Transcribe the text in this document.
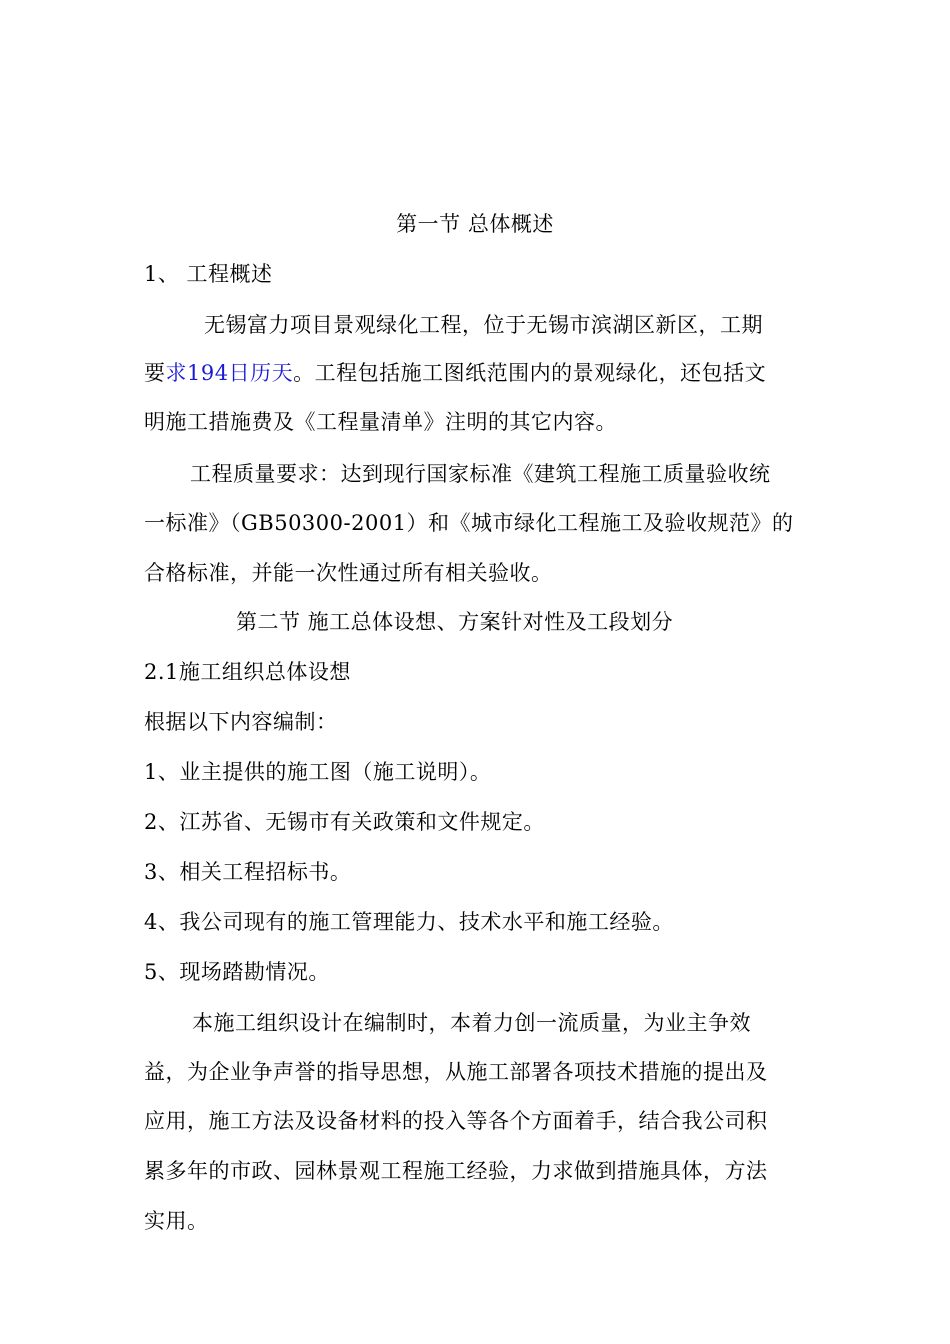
第一节 总体概述
1、 工程概述
无锡富力项目景观绿化工程，位于无锡市滨湖区新区，工期
要求194日历天。工程包括施工图纸范围内的景观绿化，还包括文
明施工措施费及《工程量清单》注明的其它内容。
工程质量要求：达到现行国家标准《建筑工程施工质量验收统
一标准》（GB50300-2001）和《城市绿化工程施工及验收规范》的
合格标准，并能一次性通过所有相关验收。
第二节 施工总体设想、方案针对性及工段划分
2.1施工组织总体设想
根据以下内容编制：
1、业主提供的施工图（施工说明）。
2、江苏省、无锡市有关政策和文件规定。
3、相关工程招标书。
4、我公司现有的施工管理能力、技术水平和施工经验。
5、现场踏勘情况。
本施工组织设计在编制时，本着力创一流质量，为业主争效
益，为企业争声誉的指导思想，从施工部署各项技术措施的提出及
应用，施工方法及设备材料的投入等各个方面着手，结合我公司积
累多年的市政、园林景观工程施工经验，力求做到措施具体，方法
实用。
